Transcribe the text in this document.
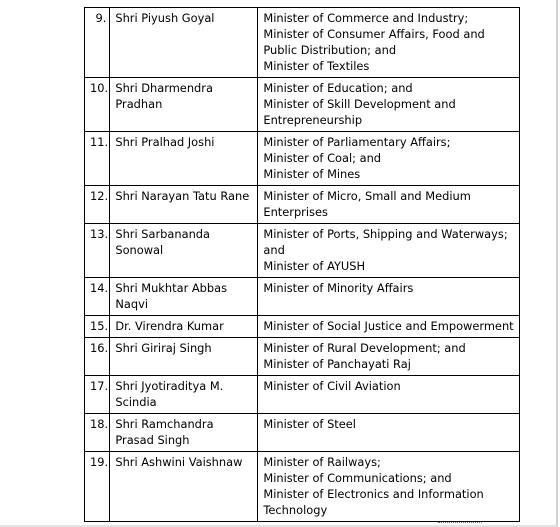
9.	Shri Piyush Goyal	Minister of Commerce and Industry;
Minister of Consumer Affairs, Food and Public Distribution; and
Minister of Textiles

10.	Shri Dharmendra Pradhan	Minister of Education; and
Minister of Skill Development and Entrepreneurship

11.	Shri Pralhad Joshi	Minister of Parliamentary Affairs;
Minister of Coal; and
Minister of Mines

12.	Shri Narayan Tatu Rane	Minister of Micro, Small and Medium Enterprises

13.	Shri Sarbananda Sonowal	Minister of Ports, Shipping and Waterways; and
Minister of AYUSH

14.	Shri Mukhtar Abbas Naqvi	Minister of Minority Affairs

15.	Dr. Virendra Kumar	Minister of Social Justice and Empowerment

16.	Shri Giriraj Singh	Minister of Rural Development; and
Minister of Panchayati Raj

17.	Shri Jyotiraditya M. Scindia	Minister of Civil Aviation

18.	Shri Ramchandra Prasad Singh	Minister of Steel

19.	Shri Ashwini Vaishnaw	Minister of Railways;
Minister of Communications; and
Minister of Electronics and Information Technology
